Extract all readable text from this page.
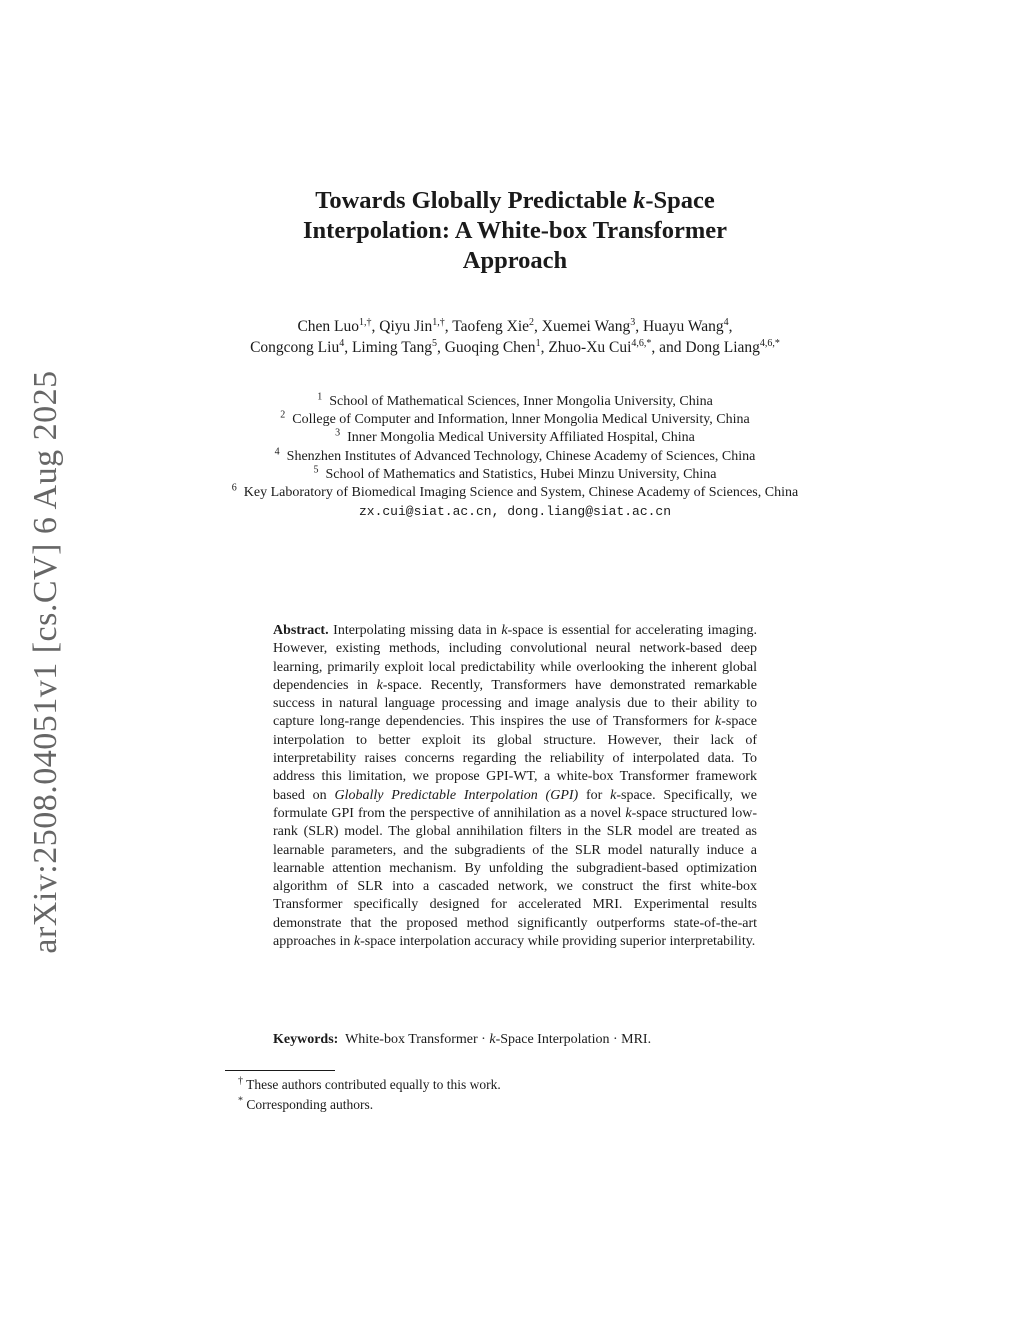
arXiv:2508.04051v1 [cs.CV] 6 Aug 2025
Towards Globally Predictable k-Space
Interpolation: A White-box Transformer
Approach
Chen Luo$^{1,\dagger}$, Qiyu Jin$^{1,\dagger}$, Taofeng Xie$^2$, Xuemei Wang$^3$, Huayu Wang$^4$,
Congcong Liu$^4$, Liming Tang$^5$, Guoqing Chen$^1$, Zhuo-Xu Cui$^{4,6,*}$, and Dong Liang$^{4,6,*}$
$^1$ School of Mathematical Sciences, Inner Mongolia University, China
$^2$ College of Computer and Information, lnner Mongolia Medical University, China
$^3$ Inner Mongolia Medical University Affiliated Hospital, China
$^4$ Shenzhen Institutes of Advanced Technology, Chinese Academy of Sciences, China
$^5$ School of Mathematics and Statistics, Hubei Minzu University, China
$^6$ Key Laboratory of Biomedical Imaging Science and System, Chinese Academy of Sciences, China
zx.cui@siat.ac.cn, dong.liang@siat.ac.cn
Abstract. Interpolating missing data in k-space is essential for accelerating imaging. However, existing methods, including convolutional neural network-based deep learning, primarily exploit local predictability while overlooking the inherent global dependencies in k-space. Recently, Transformers have demonstrated remarkable success in natural language processing and image analysis due to their ability to capture long-range dependencies. This inspires the use of Transformers for k-space interpolation to better exploit its global structure. However, their lack of interpretability raises concerns regarding the reliability of interpolated data. To address this limitation, we propose GPI-WT, a white-box Transformer framework based on Globally Predictable Interpolation (GPI) for k-space. Specifically, we formulate GPI from the perspective of annihilation as a novel k-space structured low-rank (SLR) model. The global annihilation filters in the SLR model are treated as learnable parameters, and the subgradients of the SLR model naturally induce a learnable attention mechanism. By unfolding the subgradient-based optimization algorithm of SLR into a cascaded network, we construct the first white-box Transformer specifically designed for accelerated MRI. Experimental results demonstrate that the proposed method significantly outperforms state-of-the-art approaches in k-space interpolation accuracy while providing superior interpretability.
Keywords: White-box Transformer · k-Space Interpolation · MRI.
† These authors contributed equally to this work.
* Corresponding authors.
